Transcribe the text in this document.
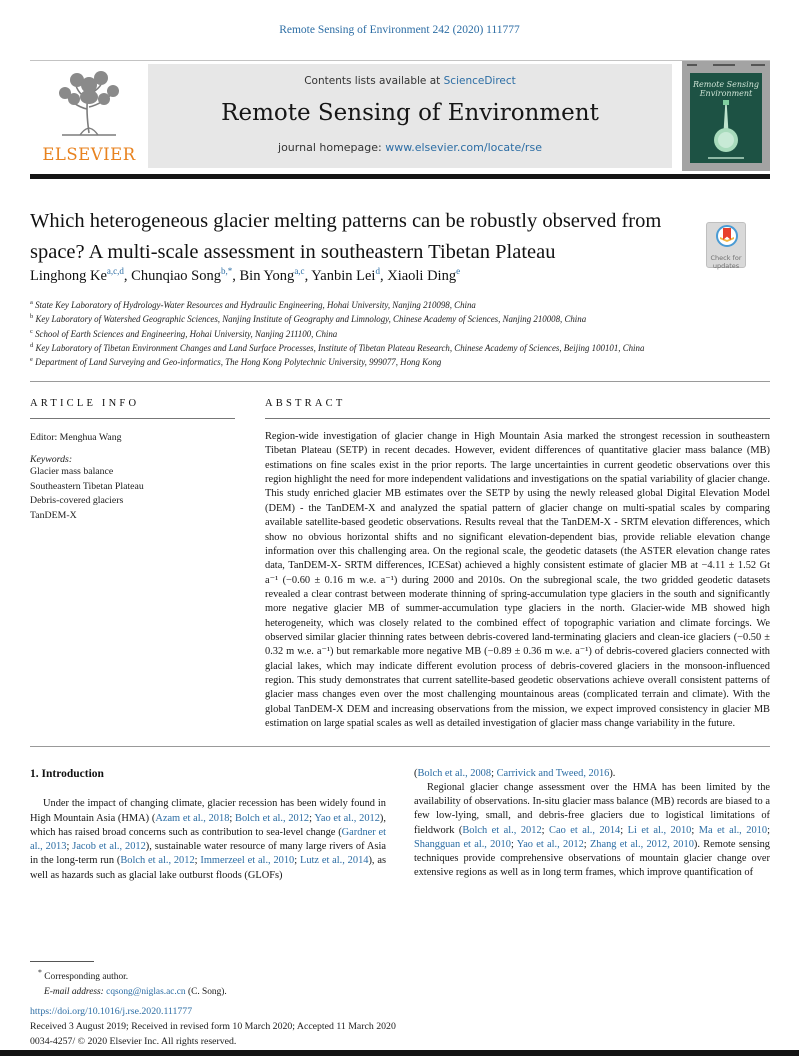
Remote Sensing of Environment 242 (2020) 111777
ELSEVIER
Contents lists available at ScienceDirect
Remote Sensing of Environment
journal homepage: www.elsevier.com/locate/rse
Remote Sensing
Environment
Which heterogeneous glacier melting patterns can be robustly observed from space? A multi-scale assessment in southeastern Tibetan Plateau	Check for
updates
Linghong Ke$^{a,c,d}$, Chunqiao Song$^{b,*}$, Bin Yong$^{a,c}$, Yanbin Lei$^d$, Xiaoli Ding$^e$
$^a$ State Key Laboratory of Hydrology-Water Resources and Hydraulic Engineering, Hohai University, Nanjing 210098, China
$^b$ Key Laboratory of Watershed Geographic Sciences, Nanjing Institute of Geography and Limnology, Chinese Academy of Sciences, Nanjing 210008, China
$^c$ School of Earth Sciences and Engineering, Hohai University, Nanjing 211100, China
$^d$ Key Laboratory of Tibetan Environment Changes and Land Surface Processes, Institute of Tibetan Plateau Research, Chinese Academy of Sciences, Beijing 100101, China
$^e$ Department of Land Surveying and Geo-informatics, The Hong Kong Polytechnic University, 999077, Hong Kong
ARTICLE INFO
Editor: Menghua Wang
Keywords:
Glacier mass balance
Southeastern Tibetan Plateau
Debris-covered glaciers
TanDEM-X
ABSTRACT
Region-wide investigation of glacier change in High Mountain Asia marked the strongest recession in southeastern Tibetan Plateau (SETP) in recent decades. However, evident differences of quantitative glacier mass balance (MB) estimations on fine scales exist in the prior reports. The large uncertainties in current geodetic observations over this region highlight the need for more independent validations and investigations on the spatial variability of glacier change. This study enriched glacier MB estimates over the SETP by using the newly released global Digital Elevation Model (DEM) - the TanDEM-X and analyzed the spatial pattern of glacier change on multi-spatial scales by comparing available satellite-based geodetic observations. Results reveal that the TanDEM-X - SRTM elevation differences, which show no obvious horizontal shifts and no significant elevation-dependent bias, provide reliable elevation change information over this challenging area. On the regional scale, the geodetic datasets (the ASTER elevation change rates data, TanDEM-X- SRTM differences, ICESat) achieved a highly consistent estimate of glacier MB at −4.11 ± 1.52 Gt a⁻¹ (−0.60 ± 0.16 m w.e. a⁻¹) during 2000 and 2010s. On the subregional scale, the two gridded geodetic datasets revealed a clear contrast between moderate thinning of spring-accumulation type glaciers in the south and significantly more negative glacier MB of summer-accumulation type glaciers in the north. Glacier-wide MB showed high heterogeneity, which was closely related to the combined effect of topographic variation and climate forcings. We observed similar glacier thinning rates between debris-covered land-terminating glaciers and clean-ice glaciers (−0.50 ± 0.32 m w.e. a⁻¹) but remarkable more negative MB (−0.89 ± 0.36 m w.e. a⁻¹) of debris-covered glaciers connected with glacial lakes, which may indicate different evolution process of debris-covered glaciers in the monsoon-influenced region. This study demonstrates that current satellite-based geodetic observations achieve overall consistent patterns of glacier mass changes even over the most challenging mountainous areas (complicated terrain and climate). With the global TanDEM-X DEM and increasing observations from the mission, we expect improved consistency in glacier MB estimation on large spatial scales as well as detailed investigation of glacier mass change variability in the future.
1. Introduction

Under the impact of changing climate, glacier recession has been widely found in High Mountain Asia (HMA) (Azam et al., 2018; Bolch et al., 2012; Yao et al., 2012), which has raised broad concerns such as contribution to sea-level change (Gardner et al., 2013; Jacob et al., 2012), sustainable water resource of many large rivers of Asia in the long-term run (Bolch et al., 2012; Immerzeel et al., 2010; Lutz et al., 2014), as well as hazards such as glacial lake outburst floods (GLOFs)

(Bolch et al., 2008; Carrivick and Tweed, 2016).

Regional glacier change assessment over the HMA has been limited by the availability of observations. In-situ glacier mass balance (MB) records are biased to a few low-lying, small, and debris-free glaciers due to logistical limitations of fieldwork (Bolch et al., 2012; Cao et al., 2014; Li et al., 2010; Ma et al., 2010; Shangguan et al., 2010; Yao et al., 2012; Zhang et al., 2012, 2010). Remote sensing techniques provide comprehensive observations of mountain glacier change over extensive regions as well as in long term frames, which improve quantification of

* Corresponding author.
E-mail address: cqsong@niglas.ac.cn (C. Song).
https://doi.org/10.1016/j.rse.2020.111777
Received 3 August 2019; Received in revised form 10 March 2020; Accepted 11 March 2020
0034-4257/ © 2020 Elsevier Inc. All rights reserved.
